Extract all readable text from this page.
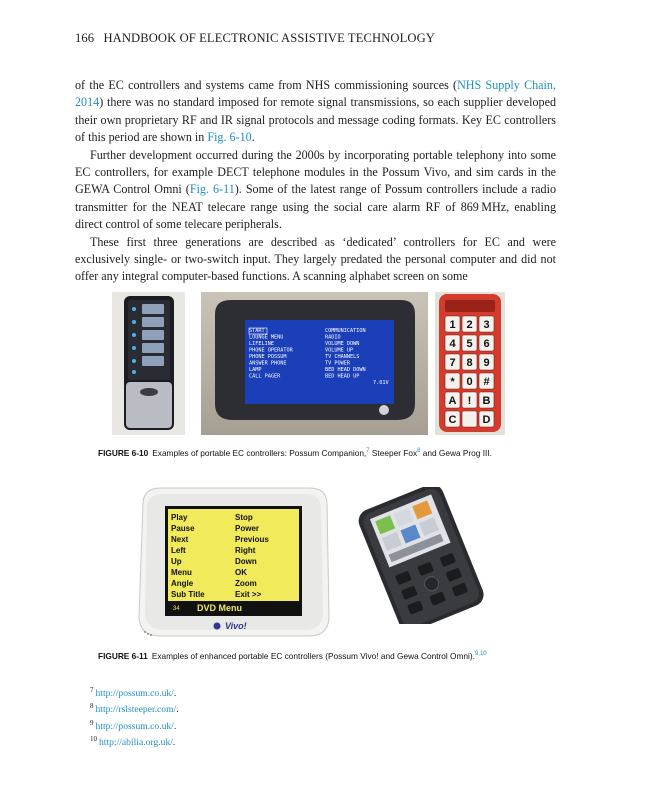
166 HANDBOOK OF ELECTRONIC ASSISTIVE TECHNOLOGY

of the EC controllers and systems came from NHS commissioning sources (NHS Supply Chain, 2014) there was no standard imposed for remote signal transmissions, so each supplier developed their own proprietary RF and IR signal protocols and message coding formats. Key EC controllers of this period are shown in Fig. 6-10.

Further development occurred during the 2000s by incorporating portable telephony into some EC controllers, for example DECT telephone modules in the Possum Vivo, and sim cards in the GEWA Control Omni (Fig. 6-11). Some of the latest range of Possum controllers include a radio transmitter for the NEAT telecare range using the social care alarm RF of 869 MHz, enabling direct control of some telecare peripherals.

These first three generations are described as ‘dedicated’ controllers for EC and were exclusively single- or two-switch input. They largely predated the personal computer and did not offer any integral computer-based functions. A scanning alphabet screen on some

START
LOUNGE MENU
LIFELINE
PHONE OPERATOR
PHONE POSSUM
ANSWER PHONE
LAMP
CALL PAGER
COMMUNICATION
RADIO
VOLUME DOWN
VOLUME UP
TV CHANNELS
TV POWER
BED HEAD DOWN
BED HEAD UP
7.01V
1 2 3
4 5 6
7 8 9
* 0 #
A ! B
C D
FIGURE 6-10 Examples of portable EC controllers: Possum Companion,$^7$ Steeper Fox$^8$ and Gewa Prog III.
Play
Pause
Next
Left
Up
Menu
Angle
Sub Title
Stop
Power
Previous
Right
Down
OK
Zoom
Exit >>
34 DVD Menu
Vivo!
FIGURE 6-11 Examples of enhanced portable EC controllers (Possum Vivo! and Gewa Control Omni).$^{9,10}$
$^7$ http://possum.co.uk/.
$^8$ http://rslsteeper.com/.
$^9$ http://possum.co.uk/.
$^{10}$ http://abilia.org.uk/.
